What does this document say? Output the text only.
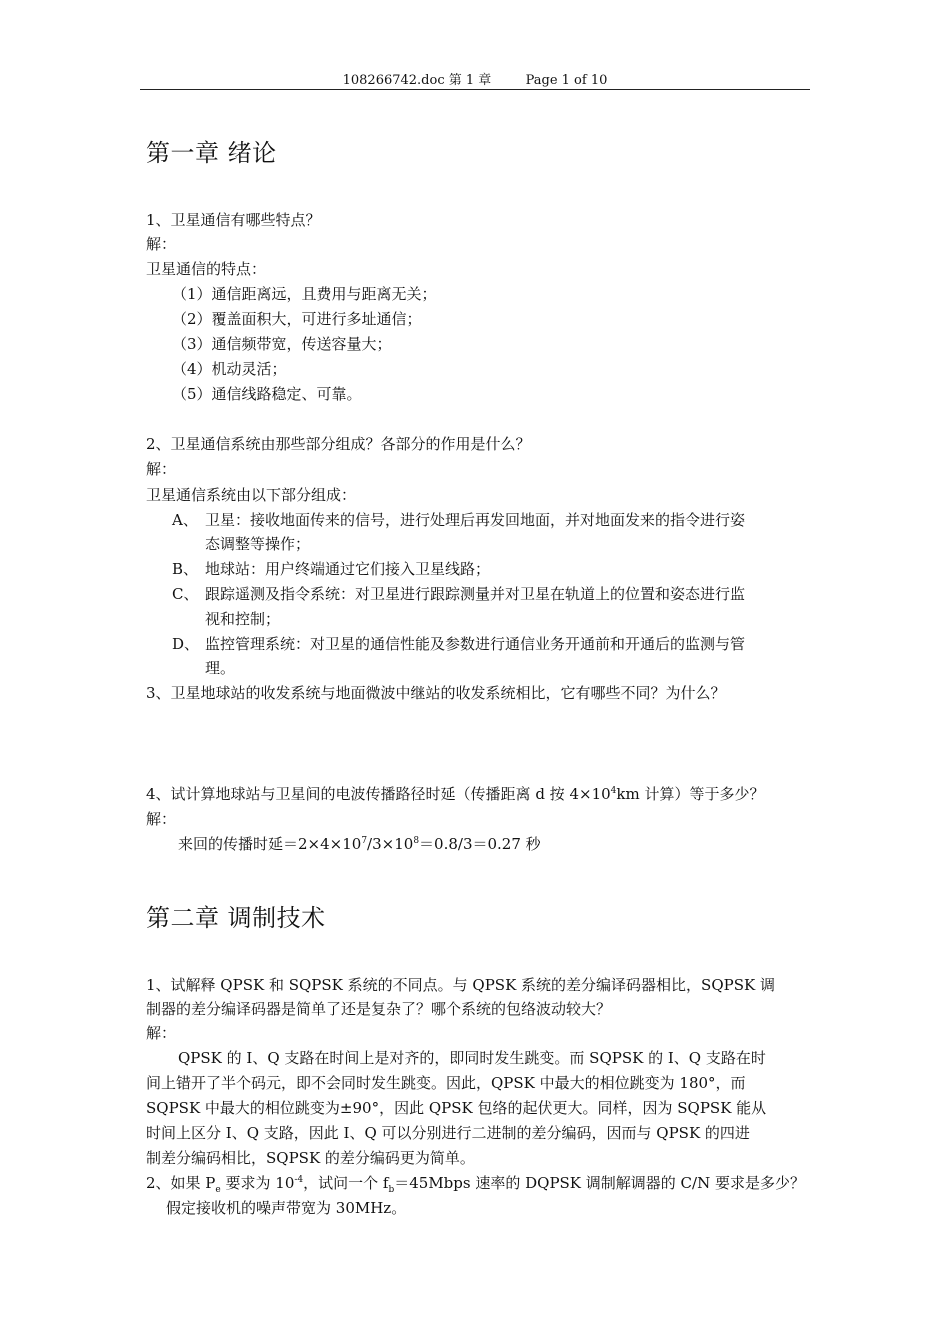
108266742.doc 第 1 章	Page 1 of 10
第一章 绪论
1、卫星通信有哪些特点？
解：
卫星通信的特点：
（1）通信距离远，且费用与距离无关；
（2）覆盖面积大，可进行多址通信；
（3）通信频带宽，传送容量大；
（4）机动灵活；
（5）通信线路稳定、可靠。
2、卫星通信系统由那些部分组成？各部分的作用是什么？
解：
卫星通信系统由以下部分组成：
A、 卫星：接收地面传来的信号，进行处理后再发回地面，并对地面发来的指令进行姿
态调整等操作；
B、 地球站：用户终端通过它们接入卫星线路；
C、 跟踪遥测及指令系统：对卫星进行跟踪测量并对卫星在轨道上的位置和姿态进行监
视和控制；
D、 监控管理系统：对卫星的通信性能及参数进行通信业务开通前和开通后的监测与管
理。
3、卫星地球站的收发系统与地面微波中继站的收发系统相比，它有哪些不同？为什么？
4、试计算地球站与卫星间的电波传播路径时延（传播距离 d 按 $4\times 10^4km$ 计算）等于多少？
解：
来回的传播时延$=2\times 4\times 10^7/3\times 10^8=0.8/3=0.27$ 秒
第二章 调制技术
1、试解释 QPSK 和 SQPSK 系统的不同点。与 QPSK 系统的差分编译码器相比，SQPSK 调
制器的差分编译码器是简单了还是复杂了？哪个系统的包络波动较大？
解：
QPSK 的 I、Q 支路在时间上是对齐的，即同时发生跳变。而 SQPSK 的 I、Q 支路在时
间上错开了半个码元，即不会同时发生跳变。因此，QPSK 中最大的相位跳变为 180°，而
SQPSK 中最大的相位跳变为±90°，因此 QPSK 包络的起伏更大。同样，因为 SQPSK 能从
时间上区分 I、Q 支路，因此 I、Q 可以分别进行二进制的差分编码，因而与 QPSK 的四进
制差分编码相比，SQPSK 的差分编码更为简单。
2、如果 $P_e$ 要求为 $10^{-4}$，试问一个 $f_b=45Mbps$ 速率的 DQPSK 调制解调器的 C/N 要求是多少？
假定接收机的噪声带宽为 30MHz。
